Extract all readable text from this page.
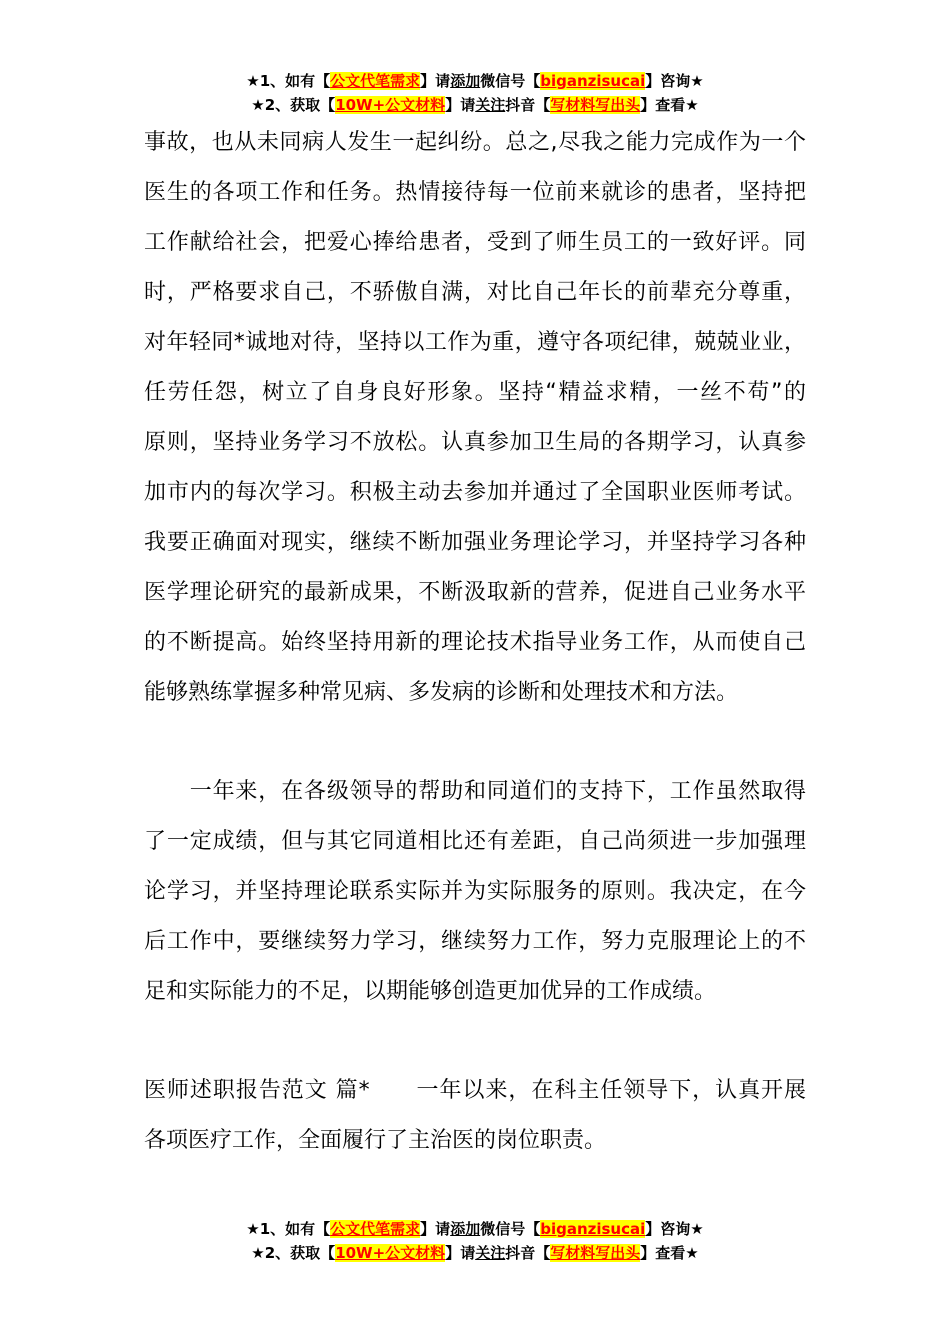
★1、如有【公文代笔需求】请添加微信号【biganzisucai】咨询★
★2、获取【10W+公文材料】请关注抖音【写材料写出头】查看★
事故，也从未同病人发生一起纠纷。总之,尽我之能力完成作为一个
医生的各项工作和任务。热情接待每一位前来就诊的患者，坚持把
工作献给社会，把爱心捧给患者，受到了师生员工的一致好评。同
时，严格要求自己，不骄傲自满，对比自己年长的前辈充分尊重，
对年轻同*诚地对待，坚持以工作为重，遵守各项纪律，兢兢业业，
任劳任怨，树立了自身良好形象。坚持“精益求精，一丝不苟”的
原则，坚持业务学习不放松。认真参加卫生局的各期学习，认真参
加市内的每次学习。积极主动去参加并通过了全国职业医师考试。
我要正确面对现实，继续不断加强业务理论学习，并坚持学习各种
医学理论研究的最新成果，不断汲取新的营养，促进自己业务水平
的不断提高。始终坚持用新的理论技术指导业务工作，从而使自己
能够熟练掌握多种常见病、多发病的诊断和处理技术和方法。
　　一年来，在各级领导的帮助和同道们的支持下，工作虽然取得
了一定成绩，但与其它同道相比还有差距，自己尚须进一步加强理
论学习，并坚持理论联系实际并为实际服务的原则。我决定，在今
后工作中，要继续努力学习，继续努力工作，努力克服理论上的不
足和实际能力的不足，以期能够创造更加优异的工作成绩。
医师述职报告范文 篇*　　一年以来，在科主任领导下，认真开展
各项医疗工作，全面履行了主治医的岗位职责。
★1、如有【公文代笔需求】请添加微信号【biganzisucai】咨询★
★2、获取【10W+公文材料】请关注抖音【写材料写出头】查看★
